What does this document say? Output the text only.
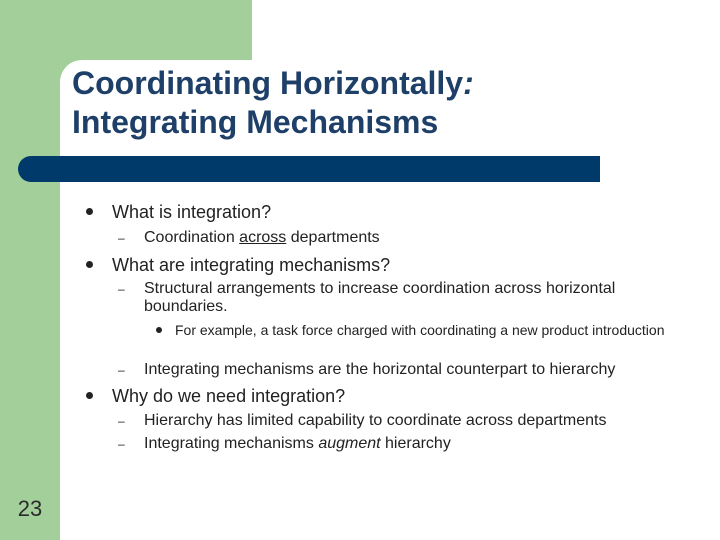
Coordinating Horizontally:
Integrating Mechanisms
What is integration?
– Coordination across departments
What are integrating mechanisms?
– Structural arrangements to increase coordination across horizontal boundaries.
For example, a task force charged with coordinating a new product introduction
– Integrating mechanisms are the horizontal counterpart to hierarchy
Why do we need integration?
– Hierarchy has limited capability to coordinate across departments
– Integrating mechanisms augment hierarchy
23
